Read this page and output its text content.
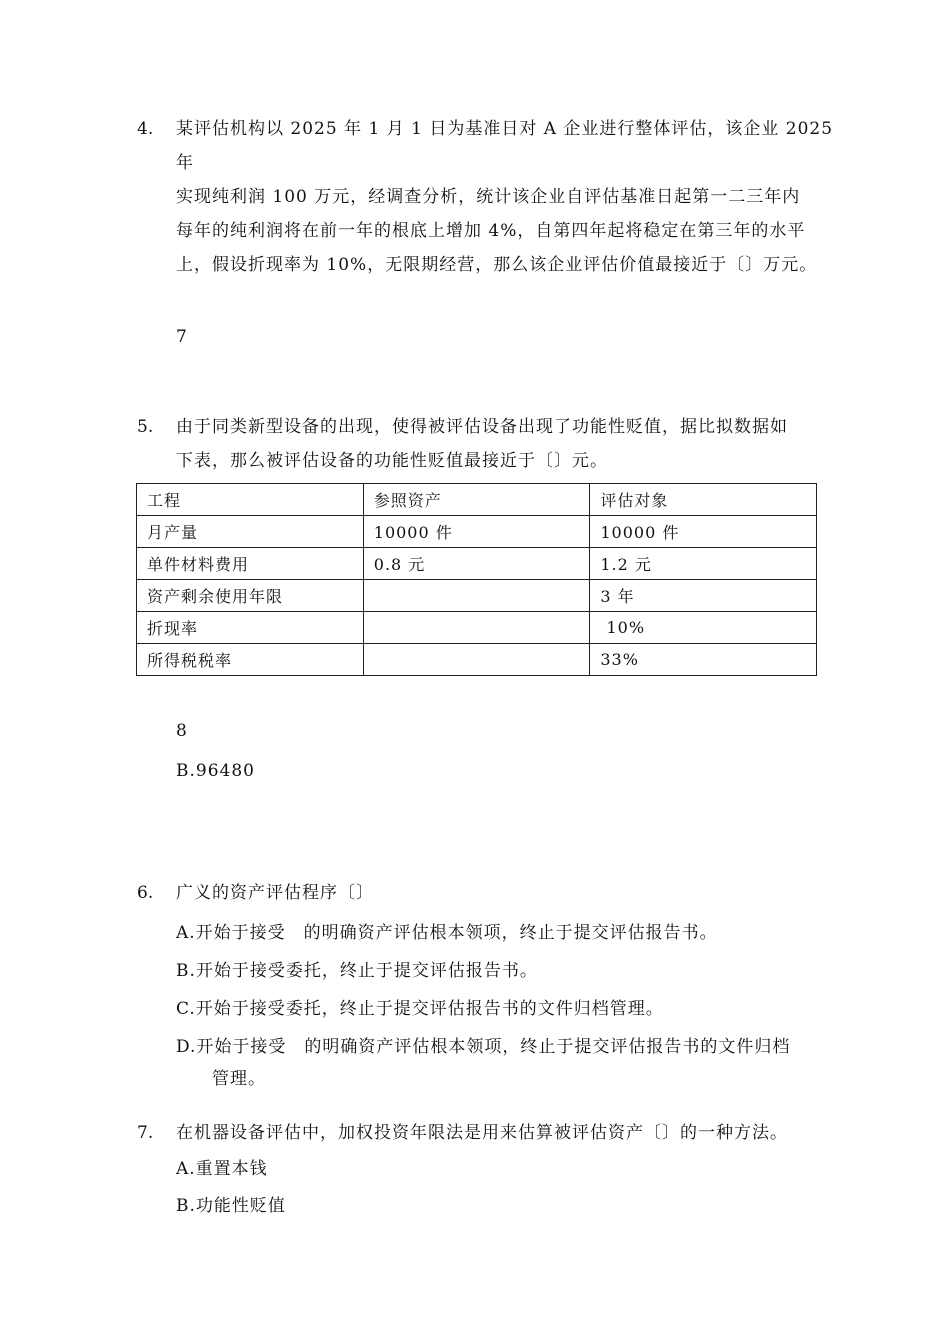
4. 某评估机构以 2025 年 1 月 1 日为基准日对 A 企业进行整体评估，该企业 2025 年
实现纯利润 100 万元，经调查分析，统计该企业自评估基准日起第一二三年内
每年的纯利润将在前一年的根底上增加 4%，自第四年起将稳定在第三年的水平
上，假设折现率为 10%，无限期经营，那么该企业评估价值最接近于〔〕万元。
7
5. 由于同类新型设备的出现，使得被评估设备出现了功能性贬值，据比拟数据如
下表，那么被评估设备的功能性贬值最接近于〔〕元。
工程	参照资产	评估对象
月产量	10000 件	10000 件
单件材料费用	0.8 元	1.2 元
资产剩余使用年限		3 年
折现率		10%
所得税税率		33%
8
B.96480
6. 广义的资产评估程序〔〕
A.开始于接受　的明确资产评估根本领项，终止于提交评估报告书。
B.开始于接受委托，终止于提交评估报告书。
C.开始于接受委托，终止于提交评估报告书的文件归档管理。
D.开始于接受　的明确资产评估根本领项，终止于提交评估报告书的文件归档
管理。
7. 在机器设备评估中，加权投资年限法是用来估算被评估资产〔〕的一种方法。
A.重置本钱
B.功能性贬值
